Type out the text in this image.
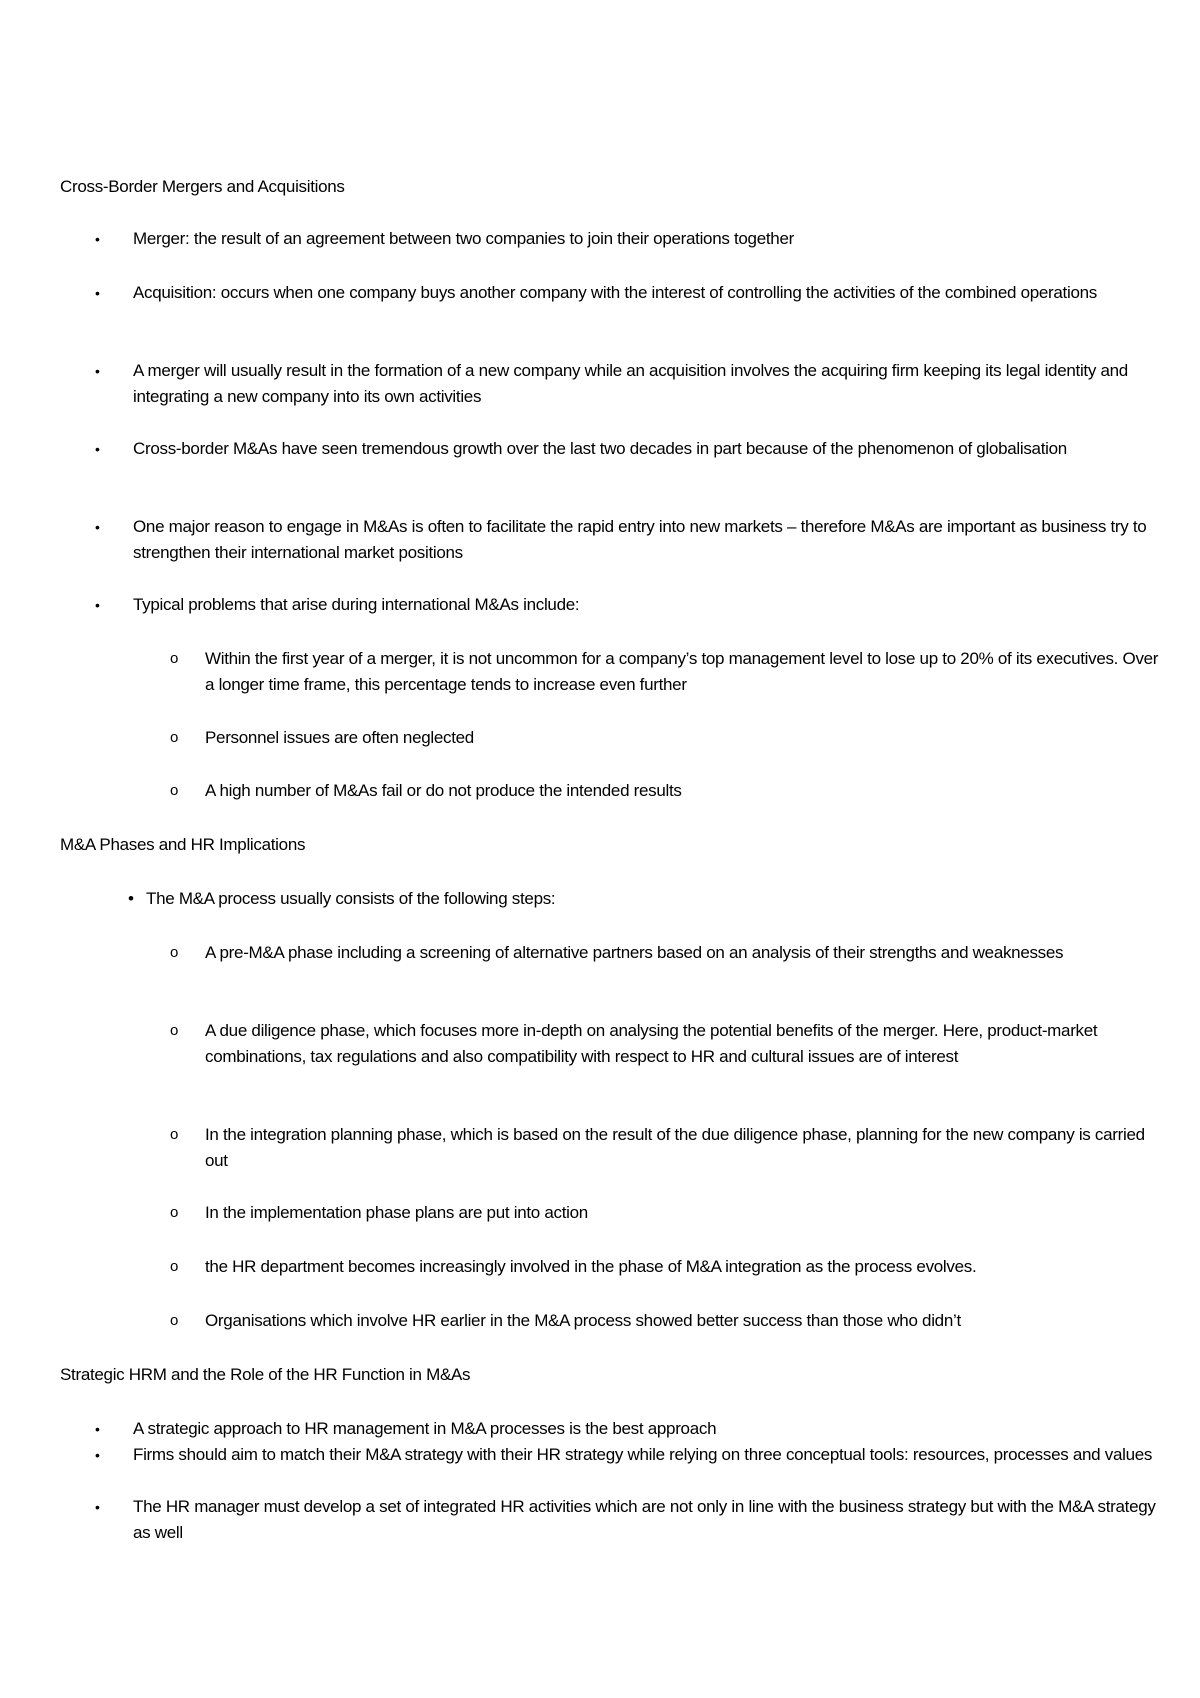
Cross-Border Mergers and Acquisitions
• Merger: the result of an agreement between two companies to join their operations together
• Acquisition: occurs when one company buys another company with the interest of controlling the activities of the combined operations
• A merger will usually result in the formation of a new company while an acquisition involves the acquiring firm keeping its legal identity and integrating a new company into its own activities
• Cross-border M&As have seen tremendous growth over the last two decades in part because of the phenomenon of globalisation
• One major reason to engage in M&As is often to facilitate the rapid entry into new markets – therefore M&As are important as business try to strengthen their international market positions
• Typical problems that arise during international M&As include:
o Within the first year of a merger, it is not uncommon for a company’s top management level to lose up to 20% of its executives. Over a longer time frame, this percentage tends to increase even further
o Personnel issues are often neglected
o A high number of M&As fail or do not produce the intended results
M&A Phases and HR Implications
• The M&A process usually consists of the following steps:
o A pre-M&A phase including a screening of alternative partners based on an analysis of their strengths and weaknesses
o A due diligence phase, which focuses more in-depth on analysing the potential benefits of the merger. Here, product-market combinations, tax regulations and also compatibility with respect to HR and cultural issues are of interest
o In the integration planning phase, which is based on the result of the due diligence phase, planning for the new company is carried out
o In the implementation phase plans are put into action
o the HR department becomes increasingly involved in the phase of M&A integration as the process evolves.
o Organisations which involve HR earlier in the M&A process showed better success than those who didn’t
Strategic HRM and the Role of the HR Function in M&As
• A strategic approach to HR management in M&A processes is the best approach
• Firms should aim to match their M&A strategy with their HR strategy while relying on three conceptual tools: resources, processes and values
• The HR manager must develop a set of integrated HR activities which are not only in line with the business strategy but with the M&A strategy as well
